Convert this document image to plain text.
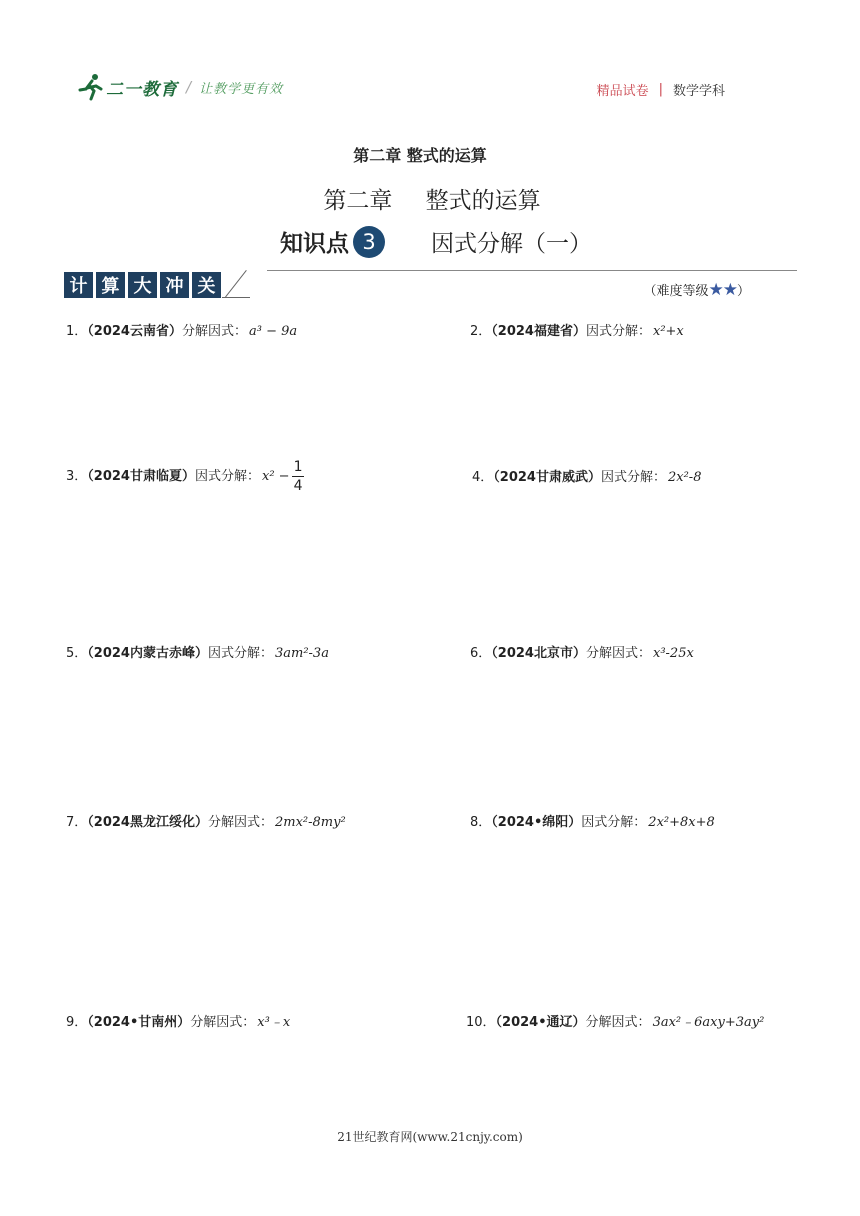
二一教育 / 让教学更有效	精品试卷 | 数学学科
第二章 整式的运算
第二章 整式的运算
知识点 3	因式分解（一）
计 算 大 冲 关	（难度等级★★）
1．（2024云南省）分解因式： a³ − 9a	2．（2024福建省）因式分解： x²+x
3．（2024甘肃临夏）因式分解： $x^2 - \frac{1}{4}$	4．（2024甘肃威武）因式分解： 2x²-8
5．（2024内蒙古赤峰）因式分解： 3am²-3a	6．（2024北京市）分解因式： x³-25x
7．（2024黑龙江绥化）分解因式： 2mx²-8my²	8．（2024•绵阳）因式分解： 2x²+8x+8
9．（2024•甘南州）分解因式： x³﹣x	10．（2024•通辽）分解因式： 3ax²﹣6axy+3ay²
21世纪教育网(www.21cnjy.com)
